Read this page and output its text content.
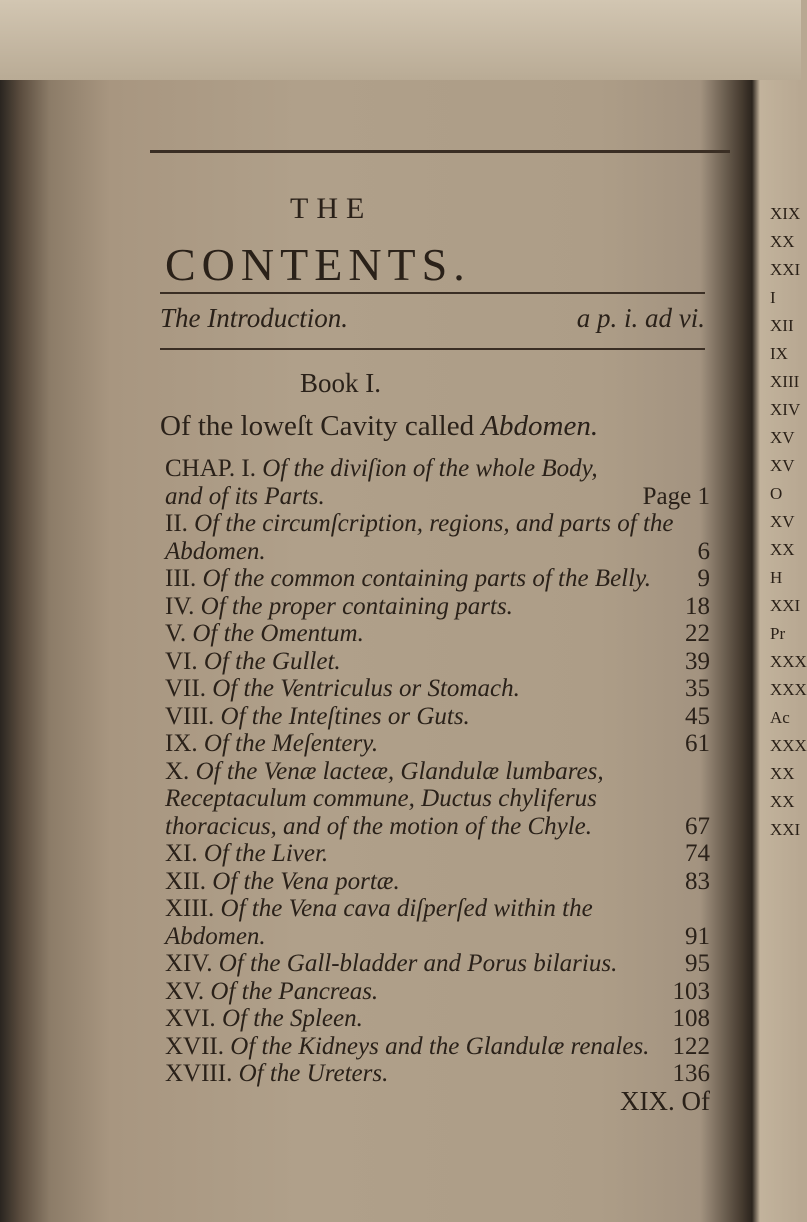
THE
CONTENTS.
The Introduction.	a p. i. ad vi.
Book I.
Of the loweſt Cavity called Abdomen.
CHAP. I. Of the diviſion of the whole Body, and of its Parts.	Page 1
II. Of the circumſcription, regions, and parts of the Abdomen.	6
III. Of the common containing parts of the Belly.	9
IV. Of the proper containing parts.	18
V. Of the Omentum.	22
VI. Of the Gullet.	39
VII. Of the Ventriculus or Stomach.	35
VIII. Of the Inteſtines or Guts.	45
IX. Of the Meſentery.	61
X. Of the Venæ lacteæ, Glandulæ lumbares, Receptaculum commune, Ductus chyliferus thoracicus, and of the motion of the Chyle.	67
XI. Of the Liver.	74
XII. Of the Vena portæ.	83
XIII. Of the Vena cava diſperſed within the Abdomen.	91
XIV. Of the Gall-bladder and Porus bilarius.	95
XV. Of the Pancreas.	103
XVI. Of the Spleen.	108
XVII. Of the Kidneys and the Glandulæ renales. 122
XVIII. Of the Ureters.	136
XIX. Of
XIX
XX
XXI
I
XII
IX
XIII
XIV
XV
XV
O
XV
XX
H
XXI
Pr
XXX
XXX
Ac
XXX
XX
XX
XXI
